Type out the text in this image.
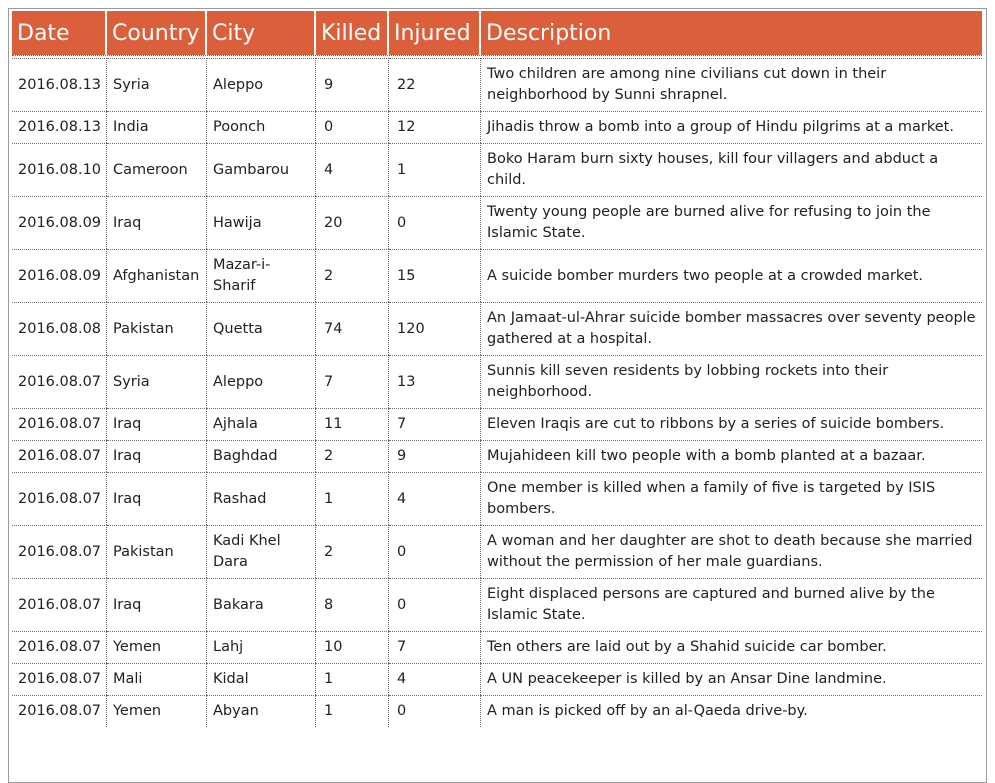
Date	Country	City	Killed	Injured	Description

2016.08.13	Syria	Aleppo	9	22	Two children are among nine civilians cut down in their neighborhood by Sunni shrapnel.
2016.08.13	India	Poonch	0	12	Jihadis throw a bomb into a group of Hindu pilgrims at a market.
2016.08.10	Cameroon	Gambarou	4	1	Boko Haram burn sixty houses, kill four villagers and abduct a child.
2016.08.09	Iraq	Hawija	20	0	Twenty young people are burned alive for refusing to join the Islamic State.
2016.08.09	Afghanistan	Mazar-i-Sharif	2	15	A suicide bomber murders two people at a crowded market.
2016.08.08	Pakistan	Quetta	74	120	An Jamaat-ul-Ahrar suicide bomber massacres over seventy people gathered at a hospital.
2016.08.07	Syria	Aleppo	7	13	Sunnis kill seven residents by lobbing rockets into their neighborhood.
2016.08.07	Iraq	Ajhala	11	7	Eleven Iraqis are cut to ribbons by a series of suicide bombers.
2016.08.07	Iraq	Baghdad	2	9	Mujahideen kill two people with a bomb planted at a bazaar.
2016.08.07	Iraq	Rashad	1	4	One member is killed when a family of five is targeted by ISIS bombers.
2016.08.07	Pakistan	Kadi Khel Dara	2	0	A woman and her daughter are shot to death because she married without the permission of her male guardians.
2016.08.07	Iraq	Bakara	8	0	Eight displaced persons are captured and burned alive by the Islamic State.
2016.08.07	Yemen	Lahj	10	7	Ten others are laid out by a Shahid suicide car bomber.
2016.08.07	Mali	Kidal	1	4	A UN peacekeeper is killed by an Ansar Dine landmine.
2016.08.07	Yemen	Abyan	1	0	A man is picked off by an al-Qaeda drive-by.
